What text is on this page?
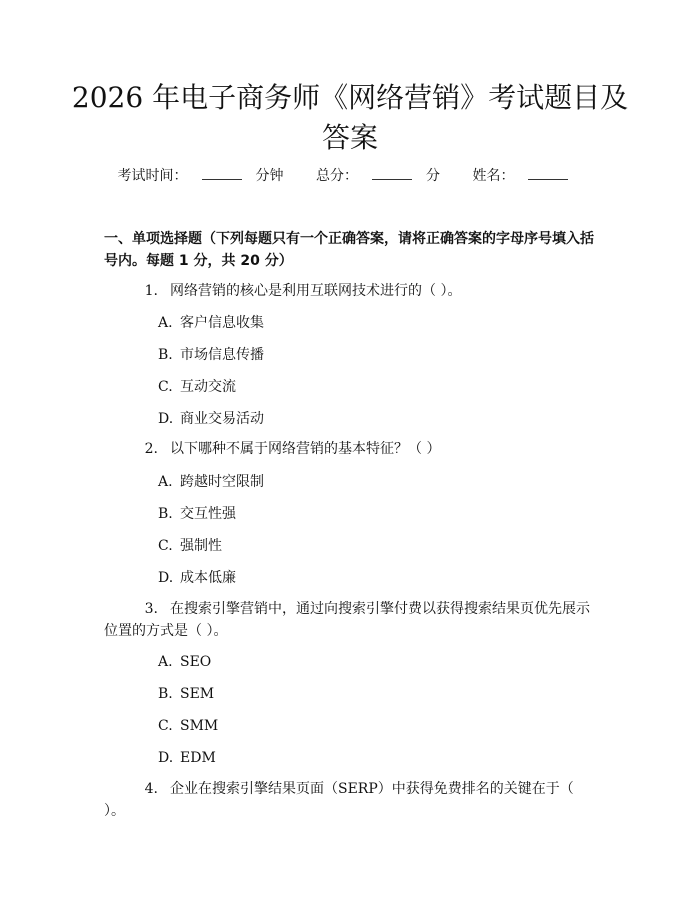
2026 年电子商务师《网络营销》考试题目及答案
考试时间：	分钟 总分：	分 姓名：
一、单项选择题（下列每题只有一个正确答案，请将正确答案的字母序号填入括号内。每题 1 分，共 20 分）
1. 网络营销的核心是利用互联网技术进行的（ ）。
A. 客户信息收集
B. 市场信息传播
C. 互动交流
D. 商业交易活动
2. 以下哪种不属于网络营销的基本特征？（ ）
A. 跨越时空限制
B. 交互性强
C. 强制性
D. 成本低廉
3. 在搜索引擎营销中，通过向搜索引擎付费以获得搜索结果页优先展示位置的方式是（ ）。
A. SEO
B. SEM
C. SMM
D. EDM
4. 企业在搜索引擎结果页面（SERP）中获得免费排名的关键在于（ ）。
